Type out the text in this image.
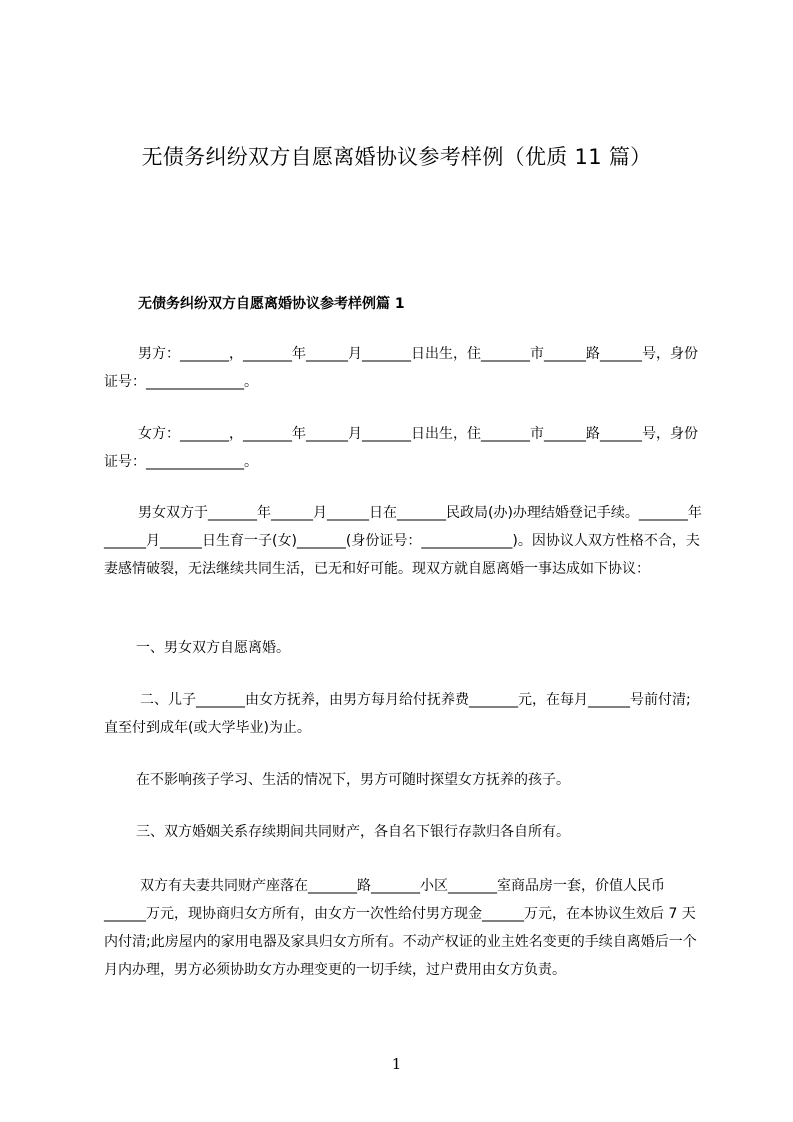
无债务纠纷双方自愿离婚协议参考样例（优质 11 篇）
无债务纠纷双方自愿离婚协议参考样例篇 1

男方：_______，_______年______月_______日出生，住_______市______路______号，身份证号：______________。

女方：_______，_______年______月_______日出生，住_______市______路______号，身份证号：______________。

男女双方于_______年______月______日在_______民政局(办)办理结婚登记手续。_______年______月______日生育一子(女)_______(身份证号：_____________)。因协议人双方性格不合，夫妻感情破裂，无法继续共同生活，已无和好可能。现双方就自愿离婚一事达成如下协议：

一、男女双方自愿离婚。

二、儿子_______由女方抚养，由男方每月给付抚养费_______元，在每月______号前付清;直至付到成年(或大学毕业)为止。

在不影响孩子学习、生活的情况下，男方可随时探望女方抚养的孩子。

三、双方婚姻关系存续期间共同财产，各自名下银行存款归各自所有。

双方有夫妻共同财产座落在_______路_______小区_______室商品房一套，价值人民币______万元，现协商归女方所有，由女方一次性给付男方现金______万元，在本协议生效后 7 天内付清;此房屋内的家用电器及家具归女方所有。不动产权证的业主姓名变更的手续自离婚后一个月内办理，男方必须协助女方办理变更的一切手续，过户费用由女方负责。

1
